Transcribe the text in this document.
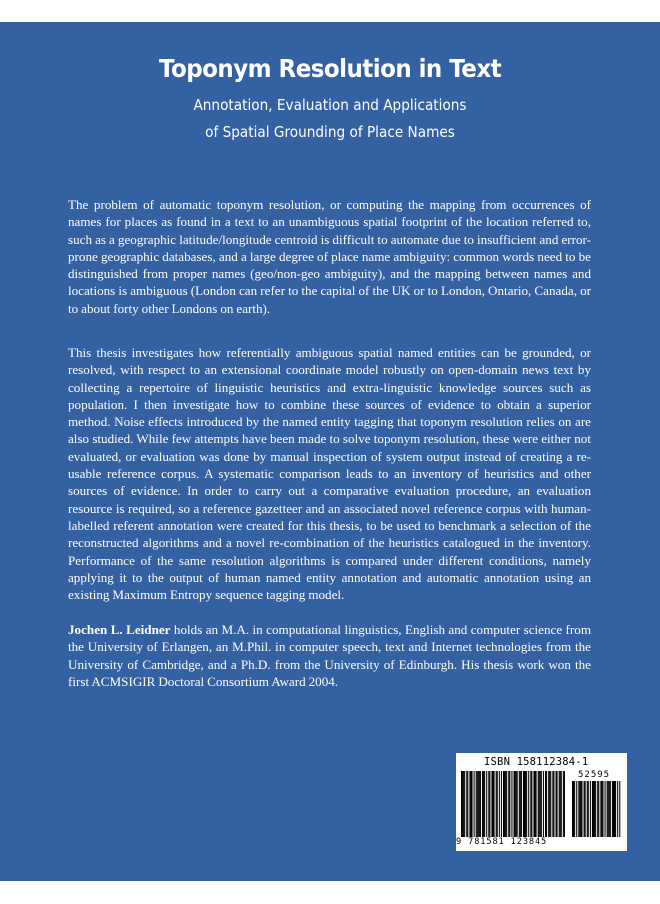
Toponym Resolution in Text
Annotation, Evaluation and Applications
of Spatial Grounding of Place Names

The problem of automatic toponym resolution, or computing the mapping from occurrences of names for places as found in a text to an unambiguous spatial footprint of the location referred to, such as a geographic latitude/longitude centroid is difficult to automate due to insufficient and error-prone geographic databases, and a large degree of place name ambiguity: common words need to be distinguished from proper names (geo/non-geo ambiguity), and the mapping between names and locations is ambiguous (London can refer to the capital of the UK or to London, Ontario, Canada, or to about forty other Londons on earth).

This thesis investigates how referentially ambiguous spatial named entities can be grounded, or resolved, with respect to an extensional coordinate model robustly on open-domain news text by collecting a repertoire of linguistic heuristics and extra-linguistic knowledge sources such as population. I then investigate how to combine these sources of evidence to obtain a superior method. Noise effects introduced by the named entity tagging that toponym resolution relies on are also studied. While few attempts have been made to solve toponym resolution, these were either not evaluated, or evaluation was done by manual inspection of system output instead of creating a re-usable reference corpus. A systematic comparison leads to an inventory of heuristics and other sources of evidence. In order to carry out a comparative evaluation procedure, an evaluation resource is required, so a reference gazetteer and an associated novel reference corpus with human-labelled referent annotation were created for this thesis, to be used to benchmark a selection of the reconstructed algorithms and a novel re-combination of the heuristics catalogued in the inventory. Performance of the same resolution algorithms is compared under different conditions, namely applying it to the output of human named entity annotation and automatic annotation using an existing Maximum Entropy sequence tagging model.

Jochen L. Leidner holds an M.A. in computational linguistics, English and computer science from the University of Erlangen, an M.Phil. in computer speech, text and Internet technologies from the University of Cambridge, and a Ph.D. from the University of Edinburgh. His thesis work won the first ACMSIGIR Doctoral Consortium Award 2004.

ISBN 158112384-1
52595
9 781581 123845
